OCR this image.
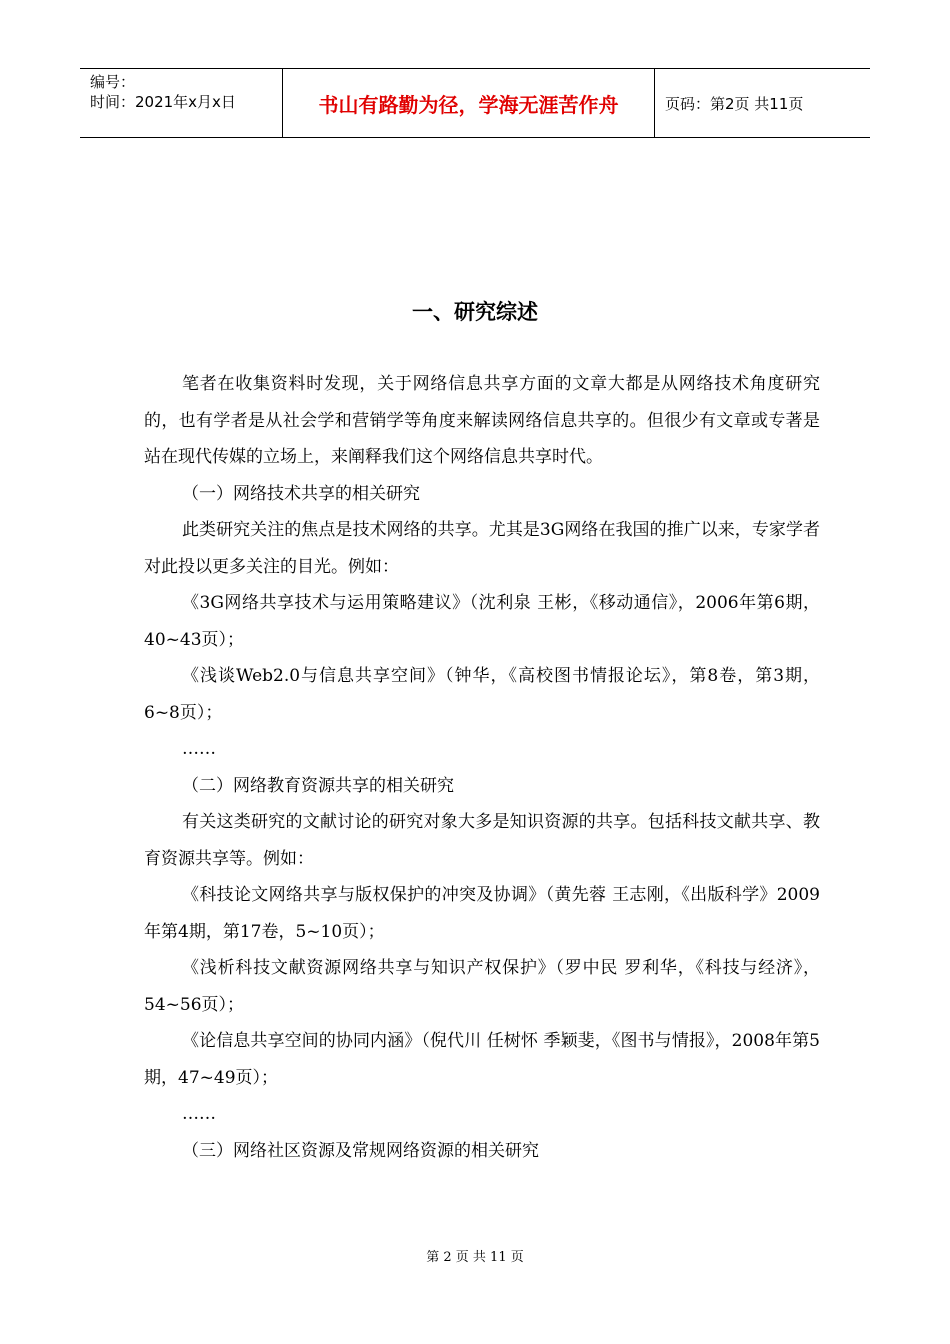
编号：
时间：2021年x月x日	书山有路勤为径，学海无涯苦作舟	页码：第2页 共11页
一、研究综述

笔者在收集资料时发现，关于网络信息共享方面的文章大都是从网络技术角度研究的，也有学者是从社会学和营销学等角度来解读网络信息共享的。但很少有文章或专著是站在现代传媒的立场上，来阐释我们这个网络信息共享时代。

（一）网络技术共享的相关研究

此类研究关注的焦点是技术网络的共享。尤其是3G网络在我国的推广以来，专家学者对此投以更多关注的目光。例如：

《3G网络共享技术与运用策略建议》（沈利泉 王彬，《移动通信》，2006年第6期，40~43页）；

《浅谈Web2.0与信息共享空间》（钟华，《高校图书情报论坛》，第8卷，第3期，6~8页）；

……

（二）网络教育资源共享的相关研究

有关这类研究的文献讨论的研究对象大多是知识资源的共享。包括科技文献共享、教育资源共享等。例如：

《科技论文网络共享与版权保护的冲突及协调》（黄先蓉 王志刚，《出版科学》2009年第4期，第17卷，5~10页）；

《浅析科技文献资源网络共享与知识产权保护》（罗中民 罗利华，《科技与经济》，54~56页）；

《论信息共享空间的协同内涵》（倪代川 任树怀 季颖斐，《图书与情报》，2008年第5期，47~49页）；

……

（三）网络社区资源及常规网络资源的相关研究

第 2 页 共 11 页
